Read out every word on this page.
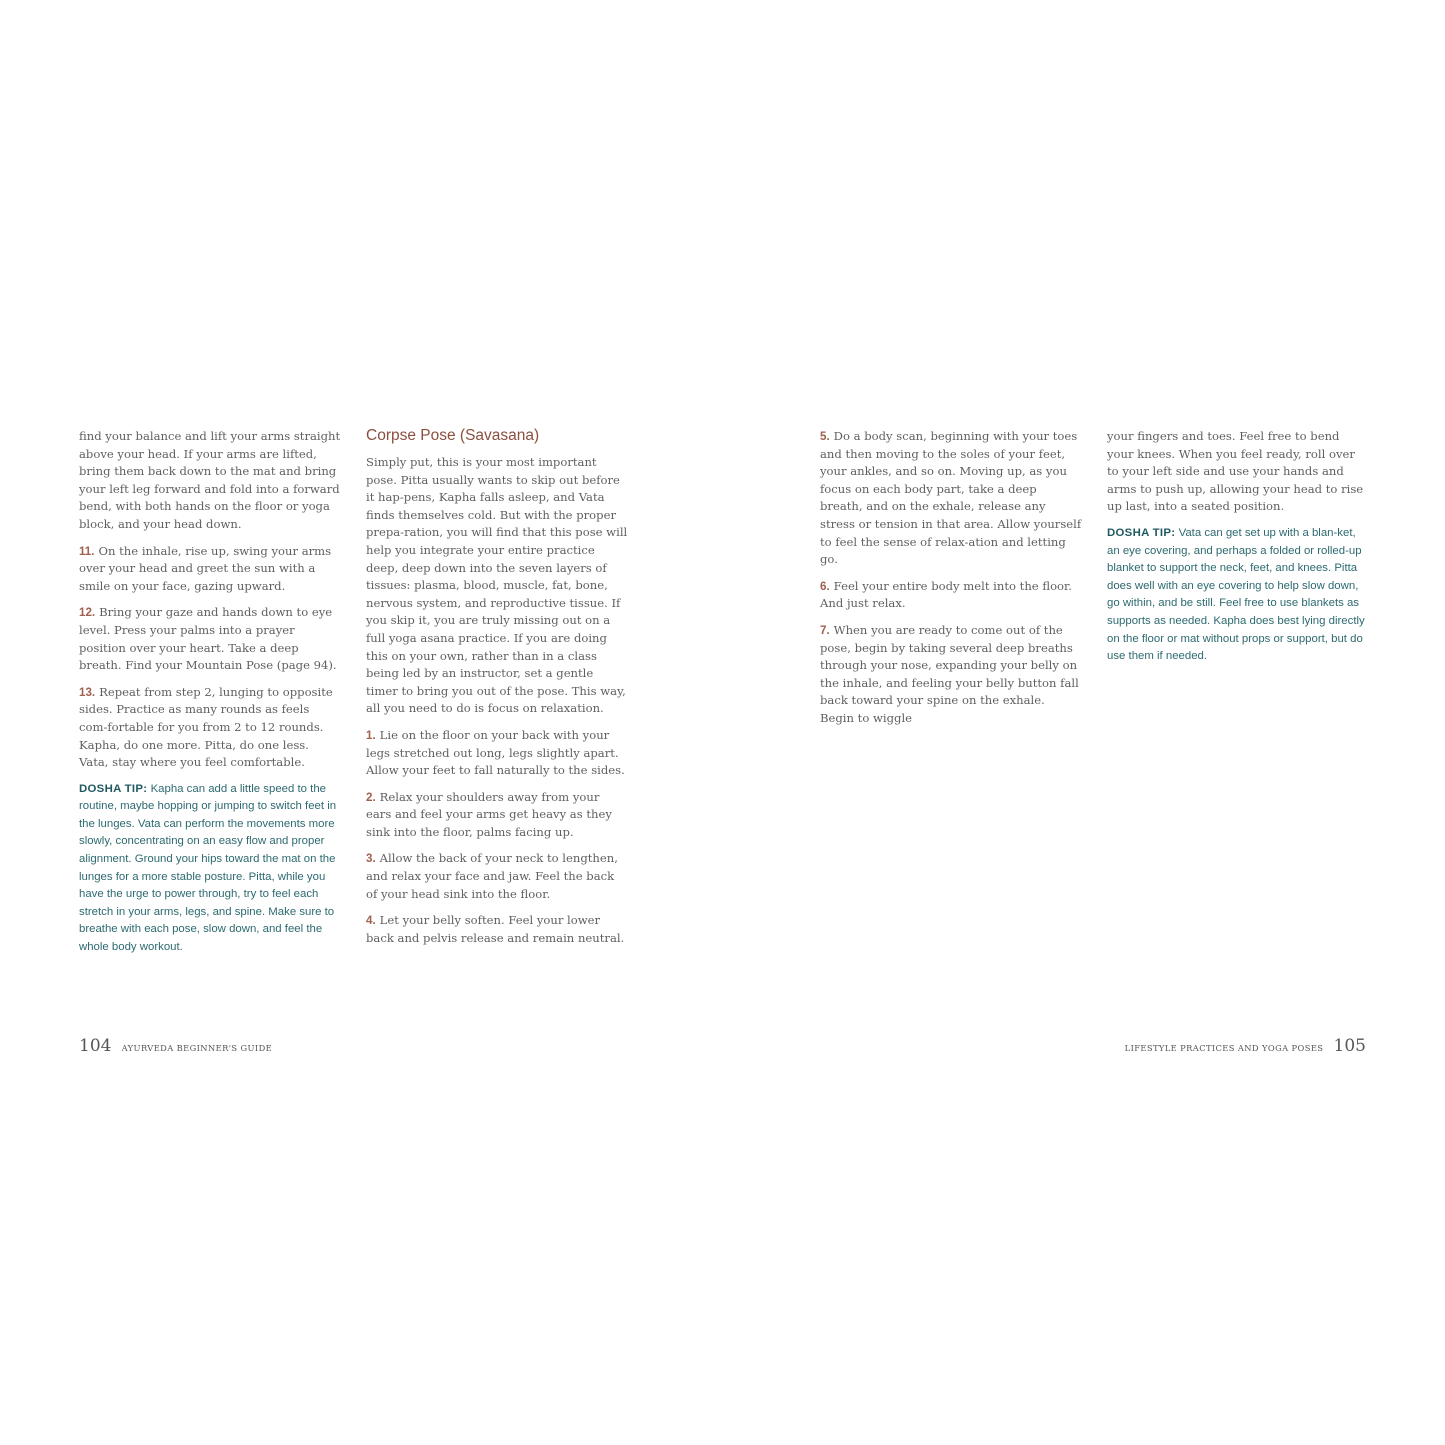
find your balance and lift your arms straight above your head. If your arms are lifted, bring them back down to the mat and bring your left leg forward and fold into a forward bend, with both hands on the floor or yoga block, and your head down.

11. On the inhale, rise up, swing your arms over your head and greet the sun with a smile on your face, gazing upward.

12. Bring your gaze and hands down to eye level. Press your palms into a prayer position over your heart. Take a deep breath. Find your Mountain Pose (page 94).

13. Repeat from step 2, lunging to opposite sides. Practice as many rounds as feels com-fortable for you from 2 to 12 rounds. Kapha, do one more. Pitta, do one less. Vata, stay where you feel comfortable.

DOSHA TIP: Kapha can add a little speed to the routine, maybe hopping or jumping to switch feet in the lunges. Vata can perform the movements more slowly, concentrating on an easy flow and proper alignment. Ground your hips toward the mat on the lunges for a more stable posture. Pitta, while you have the urge to power through, try to feel each stretch in your arms, legs, and spine. Make sure to breathe with each pose, slow down, and feel the whole body workout.

Corpse Pose (Savasana)

Simply put, this is your most important pose. Pitta usually wants to skip out before it hap-pens, Kapha falls asleep, and Vata finds themselves cold. But with the proper prepa-ration, you will find that this pose will help you integrate your entire practice deep, deep down into the seven layers of tissues: plasma, blood, muscle, fat, bone, nervous system, and reproductive tissue. If you skip it, you are truly missing out on a full yoga asana practice. If you are doing this on your own, rather than in a class being led by an instructor, set a gentle timer to bring you out of the pose. This way, all you need to do is focus on relaxation.

1. Lie on the floor on your back with your legs stretched out long, legs slightly apart. Allow your feet to fall naturally to the sides.

2. Relax your shoulders away from your ears and feel your arms get heavy as they sink into the floor, palms facing up.

3. Allow the back of your neck to lengthen, and relax your face and jaw. Feel the back of your head sink into the floor.

4. Let your belly soften. Feel your lower back and pelvis release and remain neutral.

5. Do a body scan, beginning with your toes and then moving to the soles of your feet, your ankles, and so on. Moving up, as you focus on each body part, take a deep breath, and on the exhale, release any stress or tension in that area. Allow yourself to feel the sense of relax-ation and letting go.

6. Feel your entire body melt into the floor. And just relax.

7. When you are ready to come out of the pose, begin by taking several deep breaths through your nose, expanding your belly on the inhale, and feeling your belly button fall back toward your spine on the exhale. Begin to wiggle

your fingers and toes. Feel free to bend your knees. When you feel ready, roll over to your left side and use your hands and arms to push up, allowing your head to rise up last, into a seated position.

DOSHA TIP: Vata can get set up with a blan-ket, an eye covering, and perhaps a folded or rolled-up blanket to support the neck, feet, and knees. Pitta does well with an eye covering to help slow down, go within, and be still. Feel free to use blankets as supports as needed. Kapha does best lying directly on the floor or mat without props or support, but do use them if needed.

104 AYURVEDA BEGINNER'S GUIDE	LIFESTYLE PRACTICES AND YOGA POSES 105
